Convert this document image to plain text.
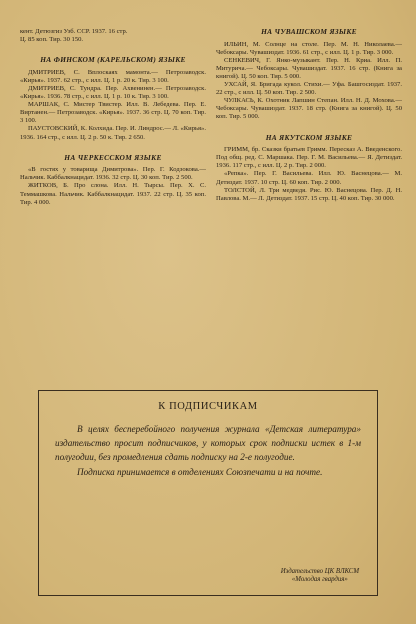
кент. Детюзгиз Узб. ССР. 1937. 16 стр.

Ц. 85 коп. Тир. 30 150.

НА ФИНСКОМ (КАРЕЛЬСКОМ) ЯЗЫКЕ

ДМИТРИЕВ, С. Вплоскаях мамонта.— Петрозаводск. «Кирья». 1937. 62 стр., с илл. Ц. 1 р. 20 к. Тир. 3 100.

ДМИТРИЕВ, С. Тундра. Пер. Ахвенинен.— Петрозаводск. «Кирья». 1936. 78 стр., с илл. Ц. 1 р. 10 к. Тир. 3 100.

МАРШАК, С. Мистер Твистер. Илл. В. Лебедева. Пер. Е. Виртанен.— Петрозаводск. «Кирья». 1937. 36 стр. Ц. 70 коп. Тир. 3 100.

ПАУСТОВСКИЙ, К. Колхида. Пер. И. Линдрос.— Л. «Кирья». 1936. 164 стр., с илл. Ц. 2 р. 50 к. Тир. 2 650.

НА ЧЕРКЕССКОМ ЯЗЫКЕ

«В гостях у товарища Димитрова». Пер. Г. Кодзокова.— Нальчик. Каббалкнацидат. 1936. 32 стр. Ц. 30 коп. Тир. 2 500.

ЖИТКОВ, Б. Про слона. Илл. Н. Тырсы. Пер. Х. С. Теммашкова. Нальчик. Каббалкнацидат. 1937. 22 стр. Ц. 35 коп. Тир. 4 000.

НА ЧУВАШСКОМ ЯЗЫКЕ

ИЛЬИН, М. Солнце на столе. Пер. М. Н. Николаева.— Чебоксары. Чувашиздат. 1936. 61 стр., с илл. Ц. 1 р. Тир. 3 000.

СЕНКЕВИЧ, Г. Янко-музыкант. Пер. Н. Криа. Илл. П. Митурича.— Чебоксары. Чувашиздат. 1937. 16 стр. (Книга за книгой). Ц. 50 коп. Тир. 5 000.

УХСАЙ, Я. Бригада кукол. Стихи.— Уфа. Башгосиздат. 1937. 22 стр., с илл. Ц. 50 коп. Тир. 2 500.

ЧУЛКАСЬ, К. Охотник Лапшин Степан. Илл. Н. Д. Мохова.— Чебоксары. Чувашиздат. 1937. 18 стр. (Книга за книгой). Ц. 50 коп. Тир. 5 000.

НА ЯКУТСКОМ ЯЗЫКЕ

ГРИММ, бр. Сказки братьев Гримм. Пересказ А. Введенского. Под общ. ред. С. Маршака. Пер. Г. М. Васильева.— Я. Детиздат. 1936. 117 стр., с илл. Ц. 2 р. Тир. 2 000.

«Репка». Пер. Г. Васильева. Илл. Ю. Васнецова.— М. Детиздат. 1937. 10 стр. Ц. 60 коп. Тир. 2 000.

ТОЛСТОЙ, Л. Три медведя. Рис. Ю. Васнецова. Пер. Д. Н. Павлова. М.— Л. Детиздат. 1937. 15 стр. Ц. 40 коп. Тир. 30 000.

К ПОДПИСЧИКАМ

В целях бесперебойного получения журнала «Детская литература» издательство просит подписчиков, у которых срок подписки истек в 1-м полугодии, без промедления сдать подписку на 2-е полугодие.

Подписка принимается в отделениях Союзпечати и на почте.

Издательство ЦК ВЛКСМ
«Молодая гвардия»
